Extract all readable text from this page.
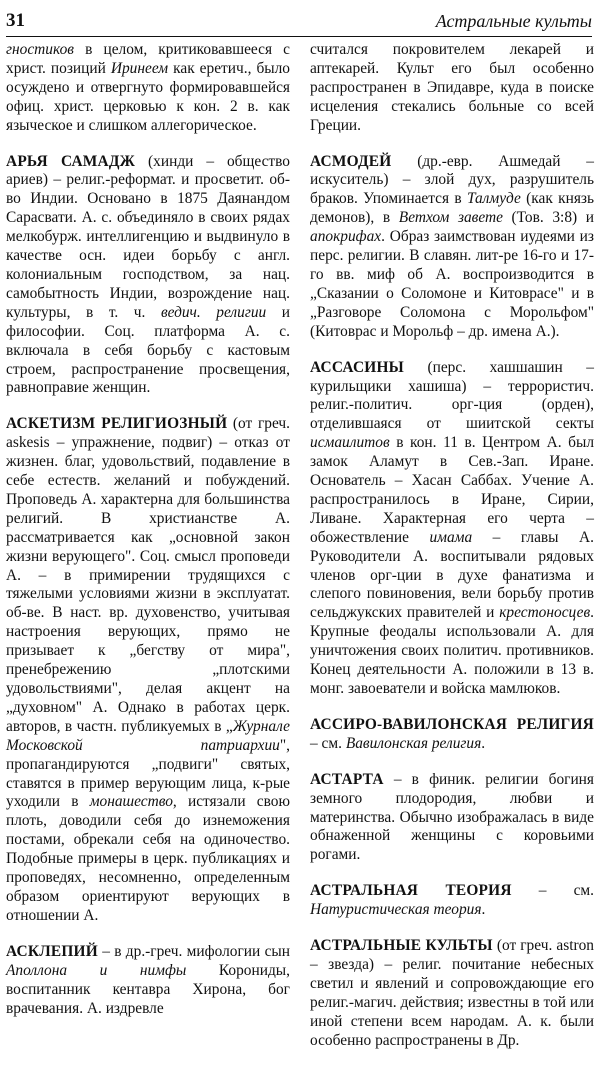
31	Астральные культы

гностиков в целом, критиковавшееся с христ. позиций Иринеем как еретич., было осуждено и отвергнуто формировавшейся офиц. христ. церковью к кон. 2 в. как языческое и слишком аллегорическое.

АРЬЯ САМАДЖ (хинди – общество ариев) – религ.-реформат. и просветит. об-во Индии. Основано в 1875 Даянандом Сарасвати. А. с. объединяло в своих рядах мелкобурж. интеллигенцию и выдвинуло в качестве осн. идеи борьбу с англ. колониальным господством, за нац. самобытность Индии, возрождение нац. культуры, в т. ч. ведич. религии и философии. Соц. платформа А. с. включала в себя борьбу с кастовым строем, распространение просвещения, равноправие женщин.

АСКЕТИЗМ РЕЛИГИОЗНЫЙ (от греч. askesis – упражнение, подвиг) – отказ от жизнен. благ, удовольствий, подавление в себе естеств. желаний и побуждений. Проповедь А. характерна для большинства религий. В христианстве А. рассматривается как „основной закон жизни верующего". Соц. смысл проповеди А. – в примирении трудящихся с тяжелыми условиями жизни в эксплуатат. об-ве. В наст. вр. духовенство, учитывая настроения верующих, прямо не призывает к „бегству от мира", пренебрежению „плотскими удовольствиями", делая акцент на „духовном" А. Однако в работах церк. авторов, в частн. публикуемых в „Журнале Московской патриархии", пропагандируются „подвиги" святых, ставятся в пример верующим лица, к-рые уходили в монашество, истязали свою плоть, доводили себя до изнеможения постами, обрекали себя на одиночество. Подобные примеры в церк. публикациях и проповедях, несомненно, определенным образом ориентируют верующих в отношении А.

АСКЛЕПИЙ – в др.-греч. мифологии сын Аполлона и нимфы Корониды, воспитанник кентавра Хирона, бог врачевания. А. издревле

считался покровителем лекарей и аптекарей. Культ его был особенно распространен в Эпидавре, куда в поиске исцеления стекались больные со всей Греции.

АСМОДЕЙ (др.-евр. Ашмедай – искуситель) – злой дух, разрушитель браков. Упоминается в Талмуде (как князь демонов), в Ветхом завете (Тов. 3:8) и апокрифах. Образ заимствован иудеями из перс. религии. В славян. лит-ре 16-го и 17-го вв. миф об А. воспроизводится в „Сказании о Соломоне и Китоврасе" и в „Разговоре Соломона с Морольфом" (Китоврас и Морольф – др. имена А.).

АССАСИНЫ (перс. хашшашин – курильщики хашиша) – террористич. религ.-политич. орг-ция (орден), отделившаяся от шиитской секты исмаилитов в кон. 11 в. Центром А. был замок Аламут в Сев.-Зап. Иране. Основатель – Хасан Саббах. Учение А. распространилось в Иране, Сирии, Ливане. Характерная его черта – обожествление имама – главы А. Руководители А. воспитывали рядовых членов орг-ции в духе фанатизма и слепого повиновения, вели борьбу против сельджукских правителей и крестоносцев. Крупные феодалы использовали А. для уничтожения своих политич. противников. Конец деятельности А. положили в 13 в. монг. завоеватели и войска мамлюков.

АССИРО-ВАВИЛОНСКАЯ РЕЛИГИЯ – см. Вавилонская религия.

АСТАРТА – в финик. религии богиня земного плодородия, любви и материнства. Обычно изображалась в виде обнаженной женщины с коровьими рогами.

АСТРАЛЬНАЯ ТЕОРИЯ – см. Натуристическая теория.

АСТРАЛЬНЫЕ КУЛЬТЫ (от греч. astron – звезда) – религ. почитание небесных светил и явлений и сопровождающие его религ.-магич. действия; известны в той или иной степени всем народам. А. к. были особенно распространены в Др.
